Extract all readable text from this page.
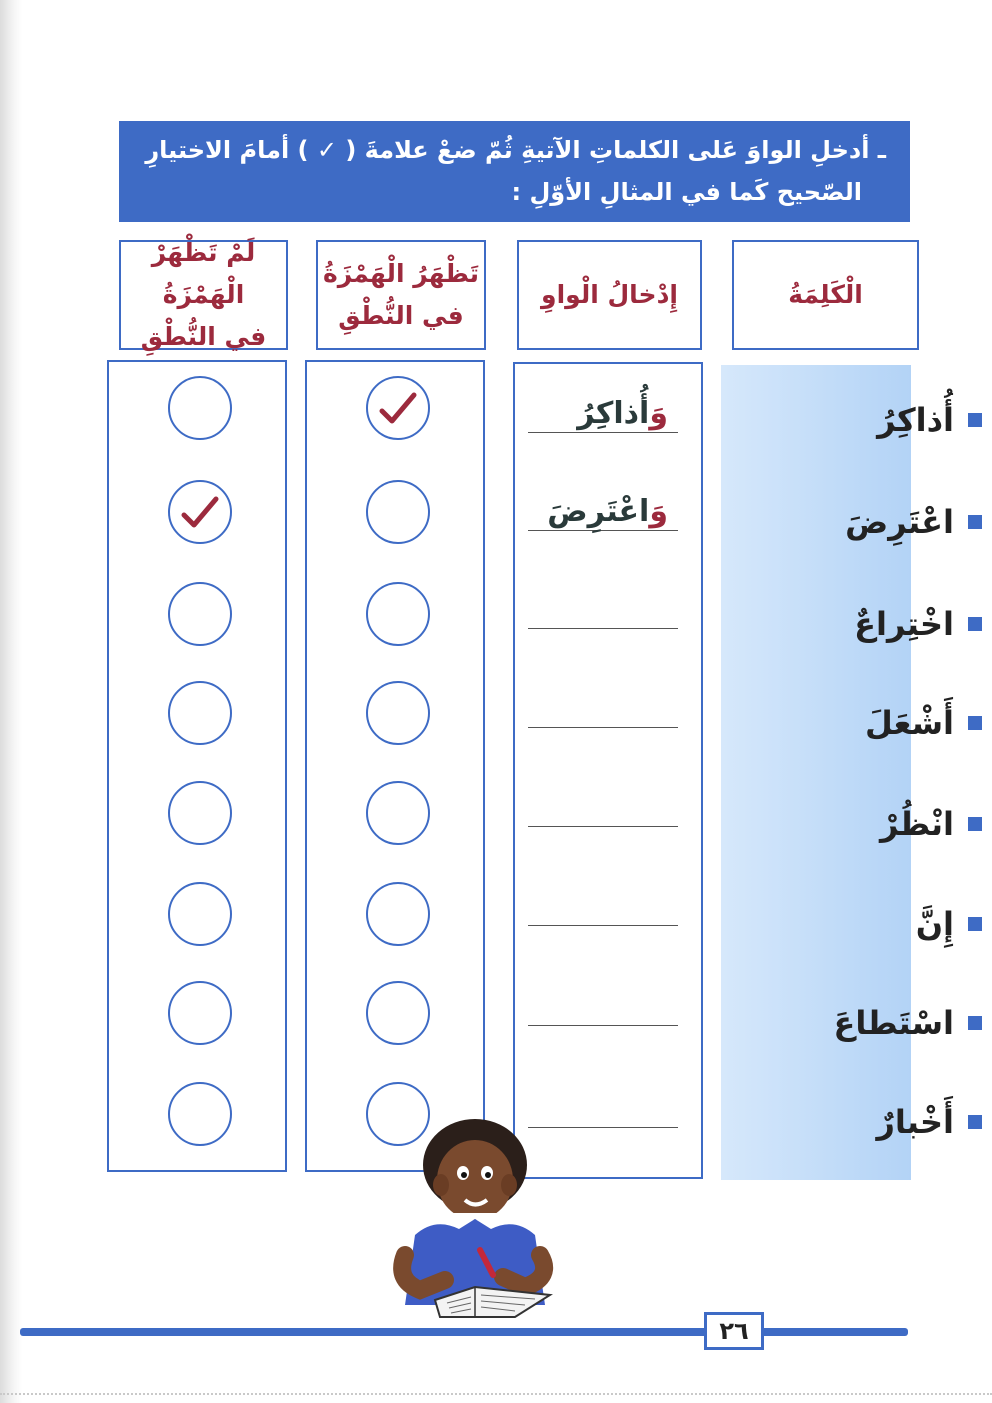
ـ أدخلِ الواوَ عَلى الكلماتِ الآتيةِ ثُمّ ضعْ علامةَ ( ✓ ) أمامَ الاختيارِ
الصّحيح كَما في المثالِ الأوّلِ :
الْكَلِمَةُ
إِدْخالُ الْواوِ
تَظْهَرُ الْهَمْزَةُ
في النُّطْقِ
لَمْ تَظْهَرْ الْهَمْزَةُ
في النُّطْقِ
أُذاكِرُ
وَأُذاكِرُ
اعْتَرِضَ
وَاعْتَرِضَ
اخْتِراعٌ
أَشْعَلَ
انْظُرْ
إِنَّ
اسْتَطاعَ
أَخْبارٌ
٢٦
